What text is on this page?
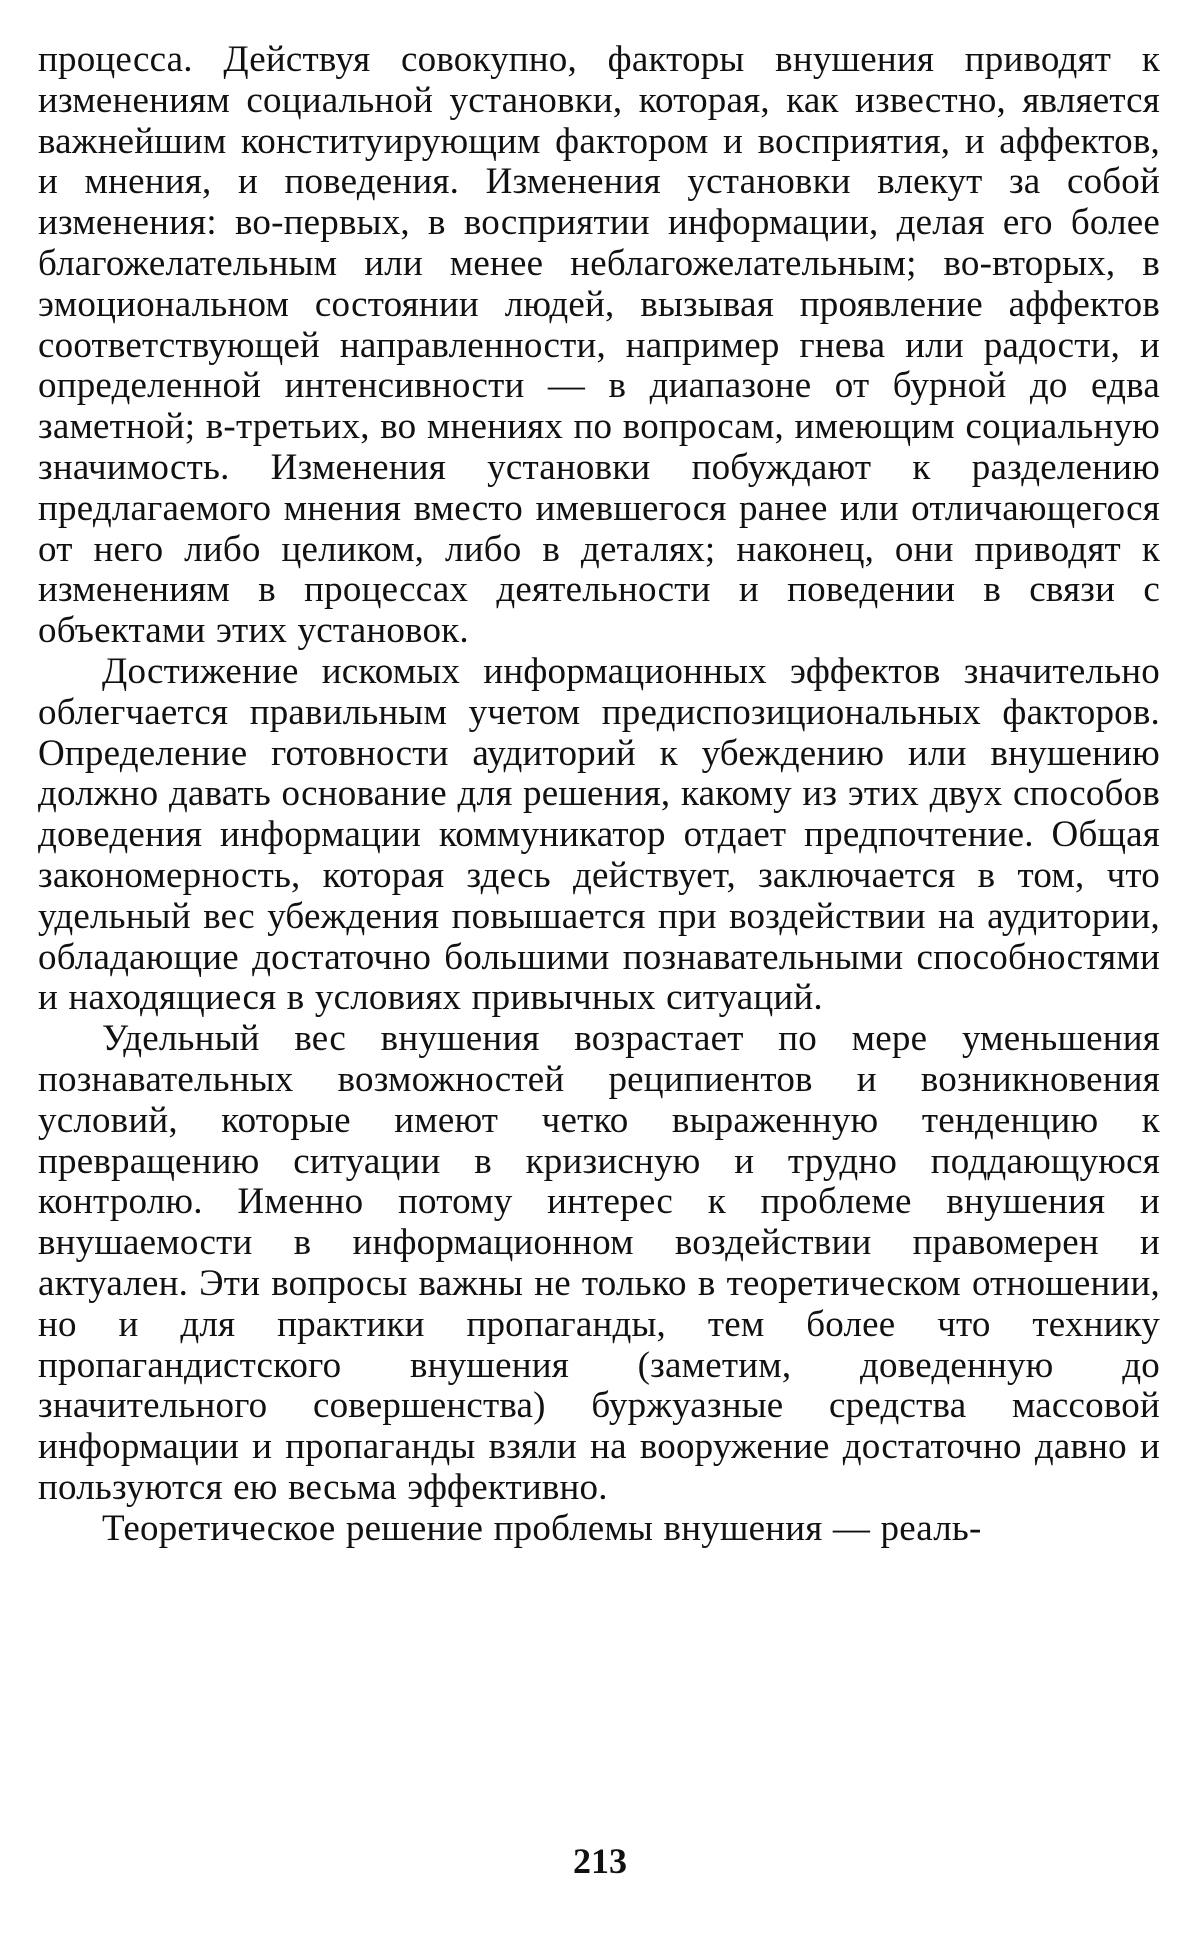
процесса. Действуя совокупно, факторы внушения приводят к изменениям социальной установки, которая, как известно, является важнейшим конституирующим фактором и восприятия, и аффектов, и мнения, и поведения. Изменения установки влекут за собой изменения: во-первых, в восприятии информации, делая его более благожелательным или менее неблагожелательным; во-вторых, в эмоциональном состоянии людей, вызывая проявление аффектов соответствующей направленности, например гнева или радости, и определенной интенсивности — в диапазоне от бурной до едва заметной; в-третьих, во мнениях по вопросам, имеющим социальную значимость. Изменения установки побуждают к разделению предлагаемого мнения вместо имевшегося ранее или отличающегося от него либо целиком, либо в деталях; наконец, они приводят к изменениям в процессах деятельности и поведении в связи с объектами этих установок.

Достижение искомых информационных эффектов значительно облегчается правильным учетом предиспозициональных факторов. Определение готовности аудиторий к убеждению или внушению должно давать основание для решения, какому из этих двух способов доведения информации коммуникатор отдает предпочтение. Общая закономерность, которая здесь действует, заключается в том, что удельный вес убеждения повышается при воздействии на аудитории, обладающие достаточно большими познавательными способностями и находящиеся в условиях привычных ситуаций.

Удельный вес внушения возрастает по мере уменьшения познавательных возможностей реципиентов и возникновения условий, которые имеют четко выраженную тенденцию к превращению ситуации в кризисную и трудно поддающуюся контролю. Именно потому интерес к проблеме внушения и внушаемости в информационном воздействии правомерен и актуален. Эти вопросы важны не только в теоретическом отношении, но и для практики пропаганды, тем более что технику пропагандистского внушения (заметим, доведенную до значительного совершенства) буржуазные средства массовой информации и пропаганды взяли на вооружение достаточно давно и пользуются ею весьма эффективно.

Теоретическое решение проблемы внушения — реаль-

213
